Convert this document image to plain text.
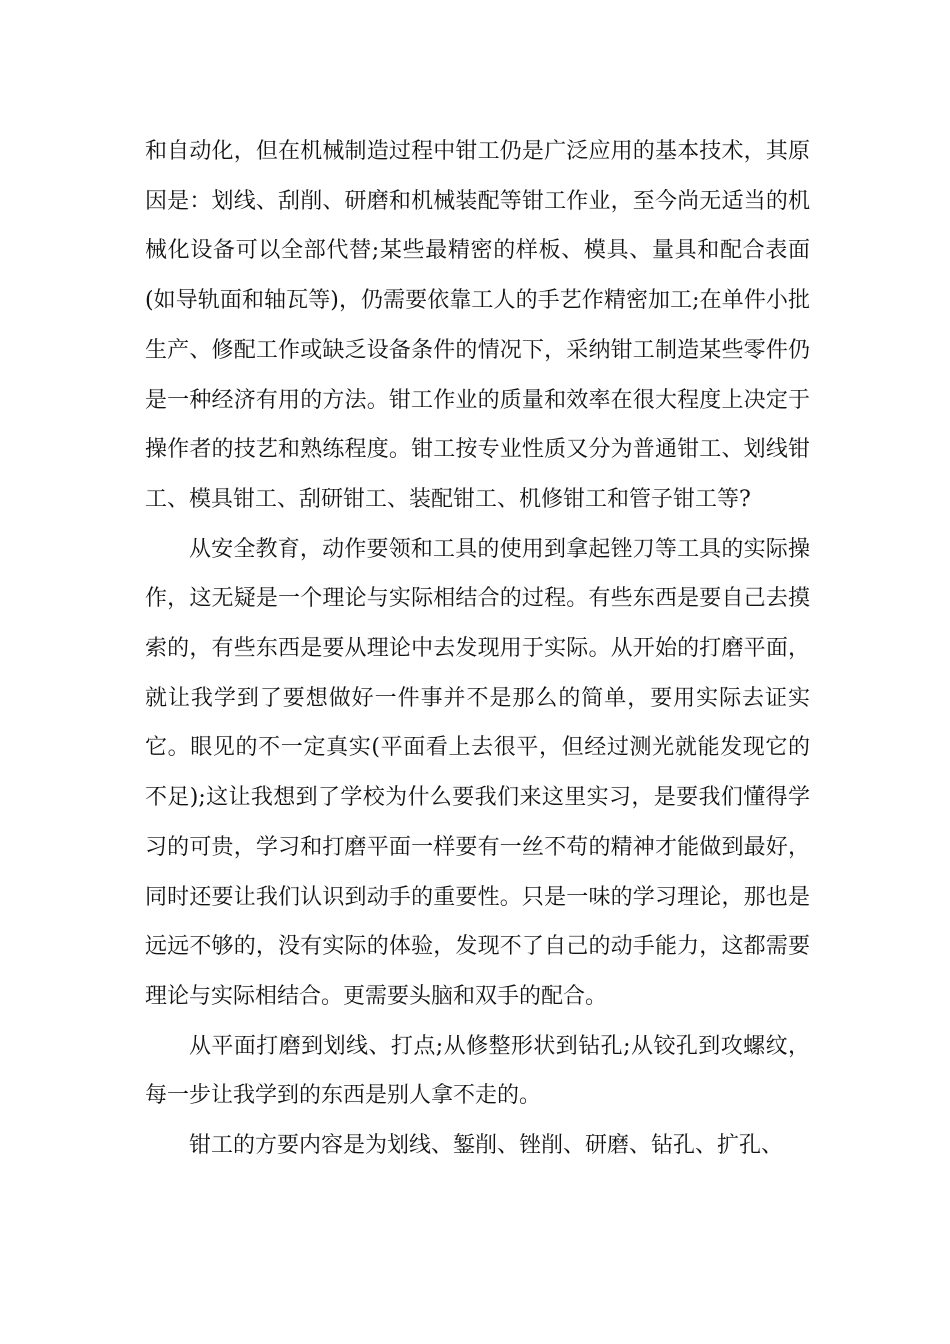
和自动化，但在机械制造过程中钳工仍是广泛应用的基本技术，其原因是：划线、刮削、研磨和机械装配等钳工作业，至今尚无适当的机械化设备可以全部代替;某些最精密的样板、模具、量具和配合表面(如导轨面和轴瓦等)，仍需要依靠工人的手艺作精密加工;在单件小批生产、修配工作或缺乏设备条件的情况下，采纳钳工制造某些零件仍是一种经济有用的方法。钳工作业的质量和效率在很大程度上决定于操作者的技艺和熟练程度。钳工按专业性质又分为普通钳工、划线钳工、模具钳工、刮研钳工、装配钳工、机修钳工和管子钳工等?

从安全教育，动作要领和工具的使用到拿起锉刀等工具的实际操作，这无疑是一个理论与实际相结合的过程。有些东西是要自己去摸索的，有些东西是要从理论中去发现用于实际。从开始的打磨平面，就让我学到了要想做好一件事并不是那么的简单，要用实际去证实它。眼见的不一定真实(平面看上去很平，但经过测光就能发现它的不足);这让我想到了学校为什么要我们来这里实习，是要我们懂得学习的可贵，学习和打磨平面一样要有一丝不苟的精神才能做到最好，同时还要让我们认识到动手的重要性。只是一味的学习理论，那也是远远不够的，没有实际的体验，发现不了自己的动手能力，这都需要理论与实际相结合。更需要头脑和双手的配合。

从平面打磨到划线、打点;从修整形状到钻孔;从铰孔到攻螺纹，每一步让我学到的东西是别人拿不走的。

钳工的方要内容是为划线、錾削、锉削、研磨、钻孔、扩孔、
